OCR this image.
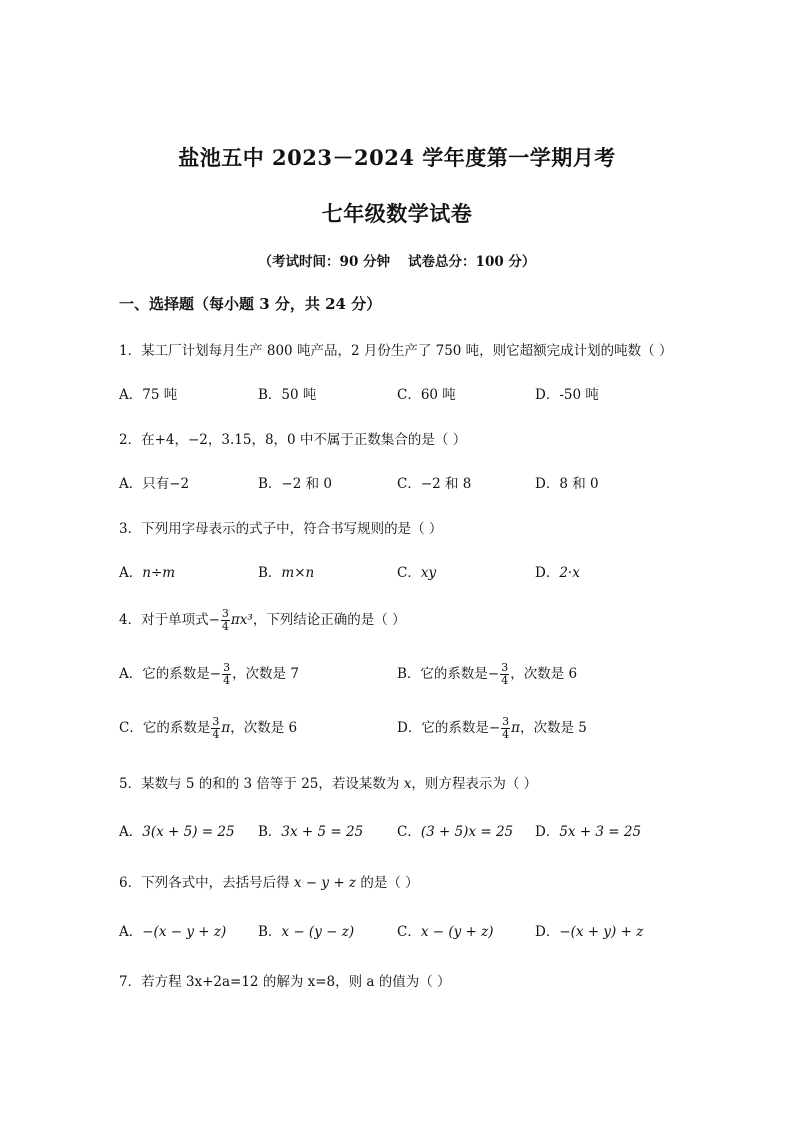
盐池五中 2023－2024 学年度第一学期月考
七年级数学试卷
（考试时间：90 分钟 试卷总分：100 分）
一、选择题（每小题 3 分，共 24 分）
1．某工厂计划每月生产 800 吨产品，2 月份生产了 750 吨，则它超额完成计划的吨数（ ）
A．75 吨	B．50 吨	C．60 吨	D．-50 吨
2．在+4，−2，3.15，8，0 中不属于正数集合的是（ ）
A．只有−2	B．−2 和 0	C．−2 和 8	D．8 和 0
3．下列用字母表示的式子中，符合书写规则的是（ ）
A．n÷m	B．m×n	C．xy	D．2·x
4．对于单项式− $\frac{3}{4} \pi x^3$，下列结论正确的是（ ）
A．它的系数是− $\frac{3}{4}$ ，次数是 7	B．它的系数是− $\frac{3}{4}$ ，次数是 6
C．它的系数是 $\frac{3}{4}$ π，次数是 6	D．它的系数是− $\frac{3}{4}$ π，次数是 5
5．某数与 5 的和的 3 倍等于 25，若设某数为 x，则方程表示为（ ）
A．3(x + 5) = 25 B．3x + 5 = 25	C．(3 + 5)x = 25 D．5x + 3 = 25
6．下列各式中，去括号后得 x − y + z 的是（ ）
A．−(x − y + z) B．x − (y − z)	C．x − (y + z)	D．−(x + y) + z
7．若方程 3x+2a=12 的解为 x=8，则 a 的值为（ ）
